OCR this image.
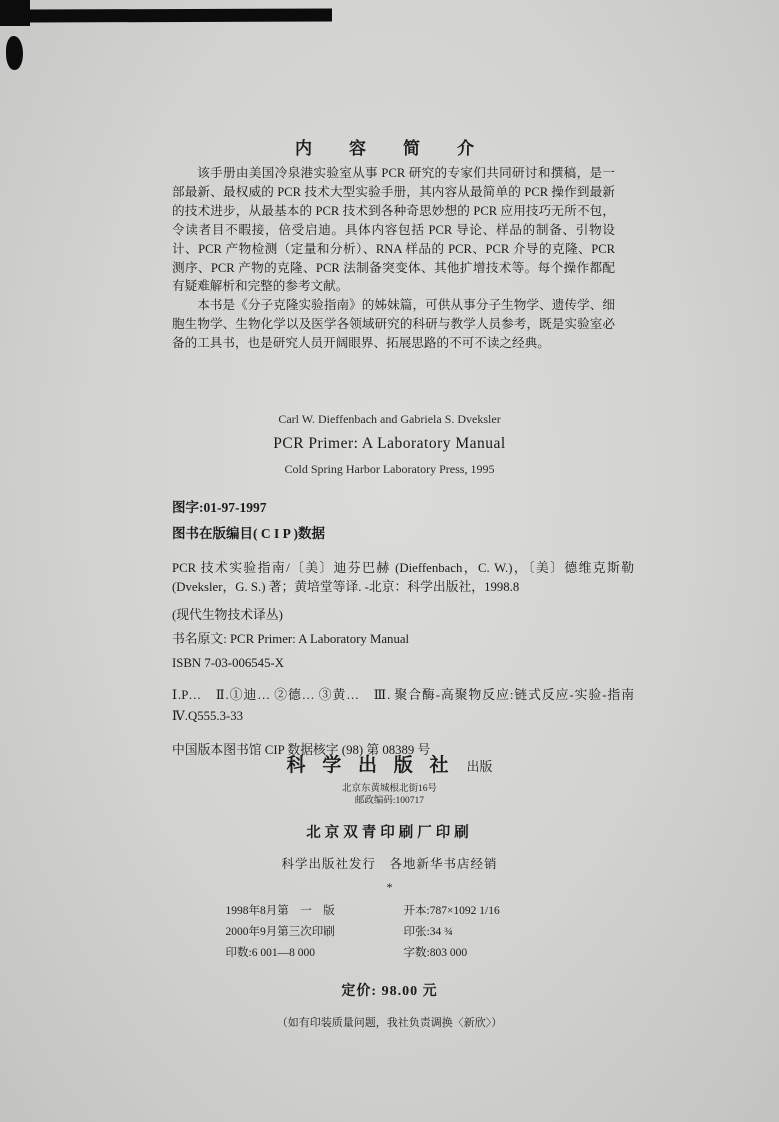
内　容　简　介

该手册由美国冷泉港实验室从事 PCR 研究的专家们共同研讨和撰稿，是一部最新、最权威的 PCR 技术大型实验手册，其内容从最简单的 PCR 操作到最新的技术进步，从最基本的 PCR 技术到各种奇思妙想的 PCR 应用技巧无所不包，令读者目不暇接，倍受启迪。具体内容包括 PCR 导论、样品的制备、引物设计、PCR 产物检测（定量和分析）、RNA 样品的 PCR、PCR 介导的克隆、PCR 测序、PCR 产物的克隆、PCR 法制备突变体、其他扩增技术等。每个操作都配有疑难解析和完整的参考文献。

本书是《分子克隆实验指南》的姊妹篇，可供从事分子生物学、遗传学、细胞生物学、生物化学以及医学各领域研究的科研与教学人员参考，既是实验室必备的工具书，也是研究人员开阔眼界、拓展思路的不可不读之经典。

Carl W. Dieffenbach and Gabriela S. Dveksler

PCR Primer: A Laboratory Manual

Cold Spring Harbor Laboratory Press, 1995

图字:01-97-1997

图书在版编目( C I P )数据

PCR 技术实验指南/〔美〕迪芬巴赫 (Dieffenbach，C. W.)，〔美〕德维克斯勒 (Dveksler，G. S.) 著；黄培堂等译. -北京：科学出版社，1998.8

(现代生物技术译丛)

书名原文: PCR Primer: A Laboratory Manual

ISBN 7-03-006545-X

Ⅰ.P…　Ⅱ.①迪… ②德… ③黄…　Ⅲ. 聚合酶-高聚物反应:链式反应-实验-指南　Ⅳ.Q555.3-33

中国版本图书馆 CIP 数据核字 (98) 第 08389 号

科 学 出 版 社 出版

北京东黄城根北街16号

邮政编码:100717

北京双青印刷厂印刷

科学出版社发行　各地新华书店经销

*

1998年8月第　一　版	开本:787×1092 1/16
2000年9月第三次印刷	印张:34 ¾
印数:6 001—8 000	字数:803 000

定价: 98.00 元

（如有印装质量问题，我社负责调换〈新欣〉）
